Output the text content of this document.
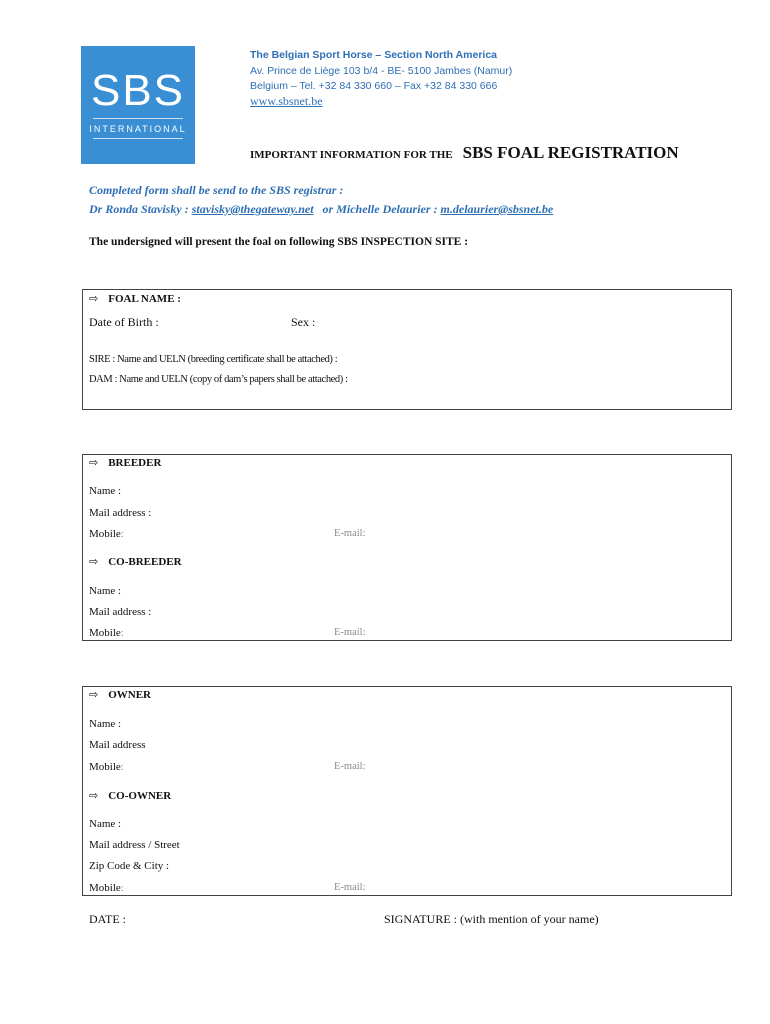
SBS
INTERNATIONAL
The Belgian Sport Horse – Section North America
Av. Prince de Liège 103 b/4 - BE- 5100 Jambes (Namur)
Belgium – Tel. +32 84 330 660 – Fax +32 84 330 666
www.sbsnet.be
IMPORTANT INFORMATION FOR THE SBS FOAL REGISTRATION
Completed form shall be send to the SBS registrar :
Dr Ronda Stavisky : stavisky@thegateway.net   or Michelle Delaurier : m.delaurier@sbsnet.be
The undersigned will present the foal on following SBS INSPECTION SITE :
⇨ FOAL NAME :
Date of Birth :	Sex :
SIRE : Name and UELN (breeding certificate shall be attached) :
DAM : Name and UELN (copy of dam’s papers shall be attached) :
⇨ BREEDER
Name :
Mail address :
Mobile:	E-mail:
⇨ CO-BREEDER
Name :
Mail address :
Mobile:	E-mail:
⇨ OWNER
Name :
Mail address
Mobile:	E-mail:
⇨ CO-OWNER
Name :
Mail address / Street
Zip Code & City :
Mobile:	E-mail:
DATE :	SIGNATURE : (with mention of your name)
